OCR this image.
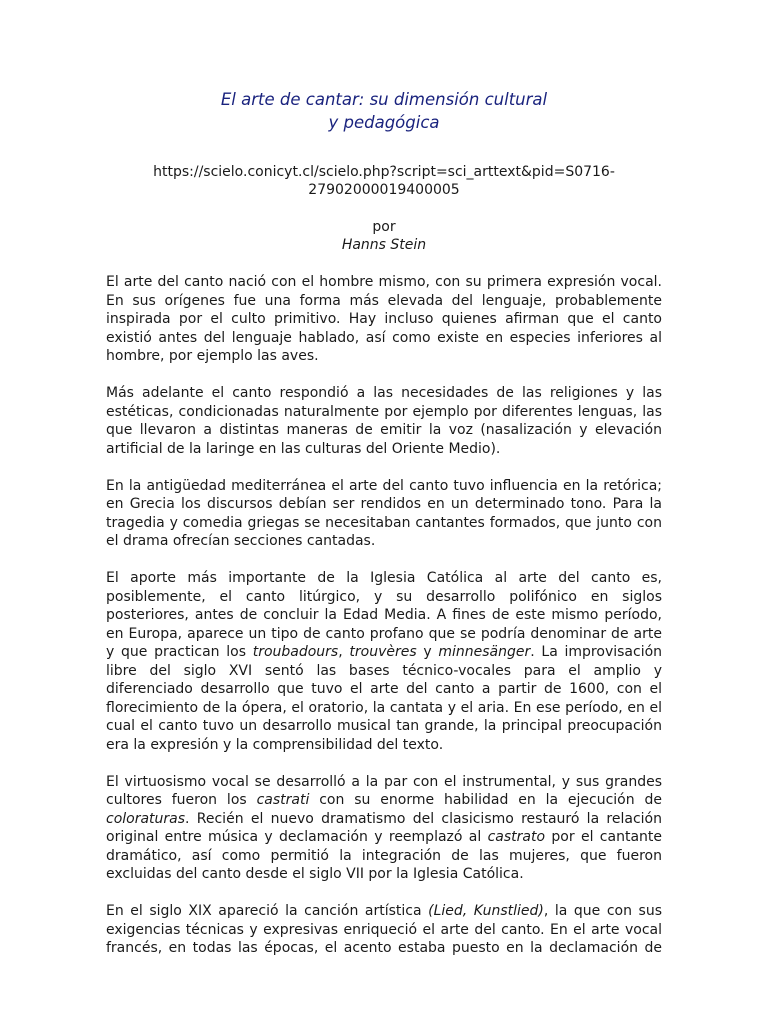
El arte de cantar: su dimensión cultural
y pedagógica
https://scielo.conicyt.cl/scielo.php?script=sci_arttext&pid=S0716-
27902000019400005
por
Hanns Stein

El arte del canto nació con el hombre mismo, con su primera expresión vocal. En sus orígenes fue una forma más elevada del lenguaje, probablemente inspirada por el culto primitivo. Hay incluso quienes afirman que el canto existió antes del lenguaje hablado, así como existe en especies inferiores al hombre, por ejemplo las aves.

Más adelante el canto respondió a las necesidades de las religiones y las estéticas, condicionadas naturalmente por ejemplo por diferentes lenguas, las que llevaron a distintas maneras de emitir la voz (nasalización y elevación artificial de la laringe en las culturas del Oriente Medio).

En la antigüedad mediterránea el arte del canto tuvo influencia en la retórica; en Grecia los discursos debían ser rendidos en un determinado tono. Para la tragedia y comedia griegas se necesitaban cantantes formados, que junto con el drama ofrecían secciones cantadas.

El aporte más importante de la Iglesia Católica al arte del canto es, posiblemente, el canto litúrgico, y su desarrollo polifónico en siglos posteriores, antes de concluir la Edad Media. A fines de este mismo período, en Europa, aparece un tipo de canto profano que se podría denominar de arte y que practican los troubadours, trouvères y minnesänger. La improvisación libre del siglo XVI sentó las bases técnico-vocales para el amplio y diferenciado desarrollo que tuvo el arte del canto a partir de 1600, con el florecimiento de la ópera, el oratorio, la cantata y el aria. En ese período, en el cual el canto tuvo un desarrollo musical tan grande, la principal preocupación era la expresión y la comprensibilidad del texto.

El virtuosismo vocal se desarrolló a la par con el instrumental, y sus grandes cultores fueron los castrati con su enorme habilidad en la ejecución de coloraturas. Recién el nuevo dramatismo del clasicismo restauró la relación original entre música y declamación y reemplazó al castrato por el cantante dramático, así como permitió la integración de las mujeres, que fueron excluidas del canto desde el siglo VII por la Iglesia Católica.

En el siglo XIX apareció la canción artística (Lied, Kunstlied), la que con sus exigencias técnicas y expresivas enriqueció el arte del canto. En el arte vocal francés, en todas las épocas, el acento estaba puesto en la declamación de
